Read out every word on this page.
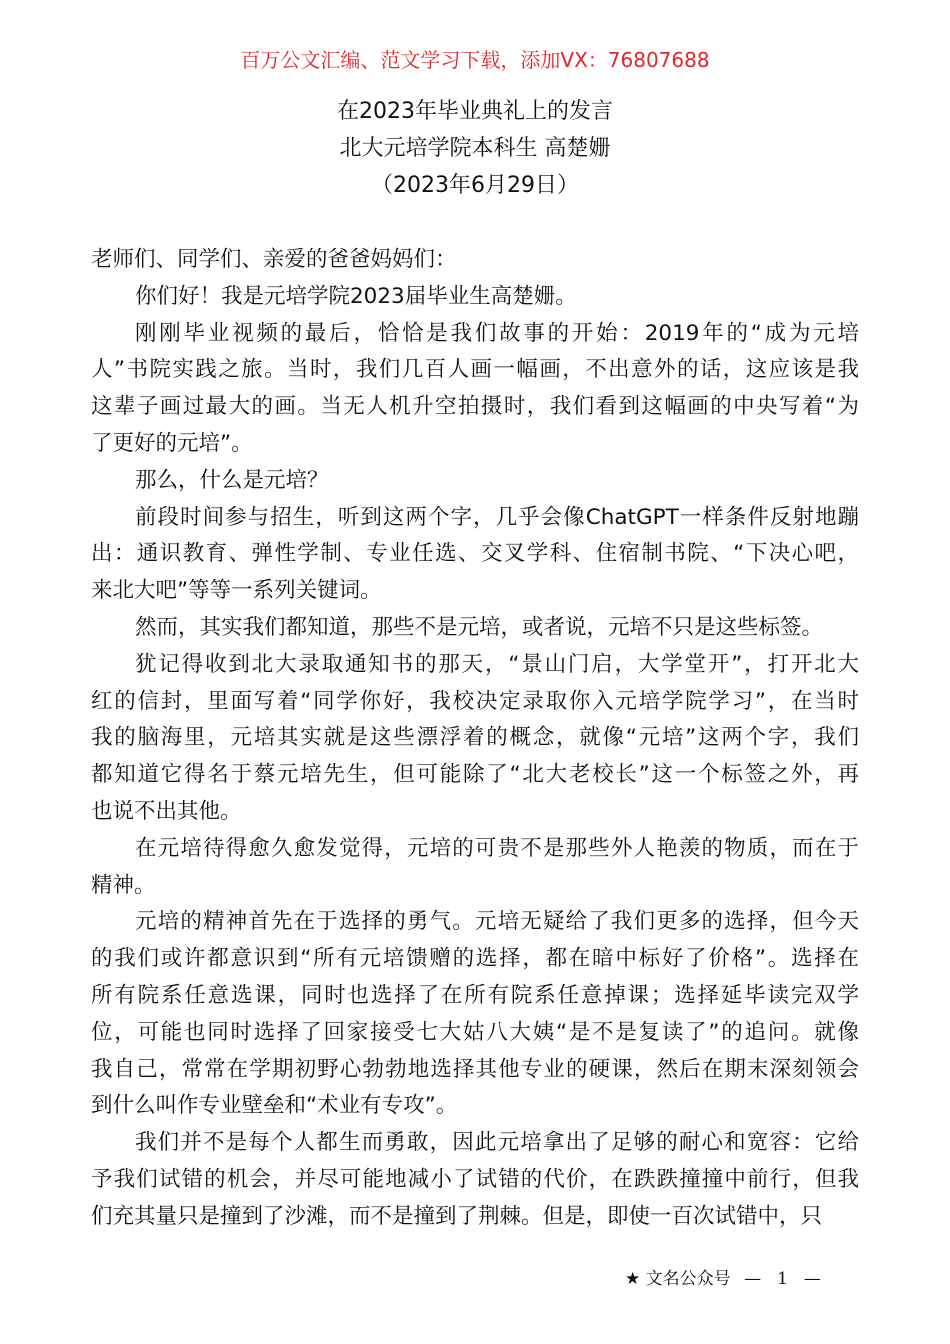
百万公文汇编、范文学习下载，添加VX：76807688
在2023年毕业典礼上的发言
北大元培学院本科生 高楚姗
（2023年6月29日）
老师们、同学们、亲爱的爸爸妈妈们：
你们好！我是元培学院2023届毕业生高楚姗。
刚刚毕业视频的最后，恰恰是我们故事的开始：2019年的“成为元培
人”书院实践之旅。当时，我们几百人画一幅画，不出意外的话，这应该是我
这辈子画过最大的画。当无人机升空拍摄时，我们看到这幅画的中央写着“为
了更好的元培”。
那么，什么是元培？
前段时间参与招生，听到这两个字，几乎会像ChatGPT一样条件反射地蹦
出：通识教育、弹性学制、专业任选、交叉学科、住宿制书院、“下决心吧，
来北大吧”等等一系列关键词。
然而，其实我们都知道，那些不是元培，或者说，元培不只是这些标签。
犹记得收到北大录取通知书的那天，“景山门启，大学堂开”，打开北大
红的信封，里面写着“同学你好，我校决定录取你入元培学院学习”，在当时
我的脑海里，元培其实就是这些漂浮着的概念，就像“元培”这两个字，我们
都知道它得名于蔡元培先生，但可能除了“北大老校长”这一个标签之外，再
也说不出其他。
在元培待得愈久愈发觉得，元培的可贵不是那些外人艳羡的物质，而在于
精神。
元培的精神首先在于选择的勇气。元培无疑给了我们更多的选择，但今天
的我们或许都意识到“所有元培馈赠的选择，都在暗中标好了价格”。选择在
所有院系任意选课，同时也选择了在所有院系任意掉课；选择延毕读完双学
位，可能也同时选择了回家接受七大姑八大姨“是不是复读了”的追问。就像
我自己，常常在学期初野心勃勃地选择其他专业的硬课，然后在期末深刻领会
到什么叫作专业壁垒和“术业有专攻”。
我们并不是每个人都生而勇敢，因此元培拿出了足够的耐心和宽容：它给
予我们试错的机会，并尽可能地减小了试错的代价，在跌跌撞撞中前行，但我
们充其量只是撞到了沙滩，而不是撞到了荆棘。但是，即使一百次试错中，只
★ 文名公众号 — 1 —
